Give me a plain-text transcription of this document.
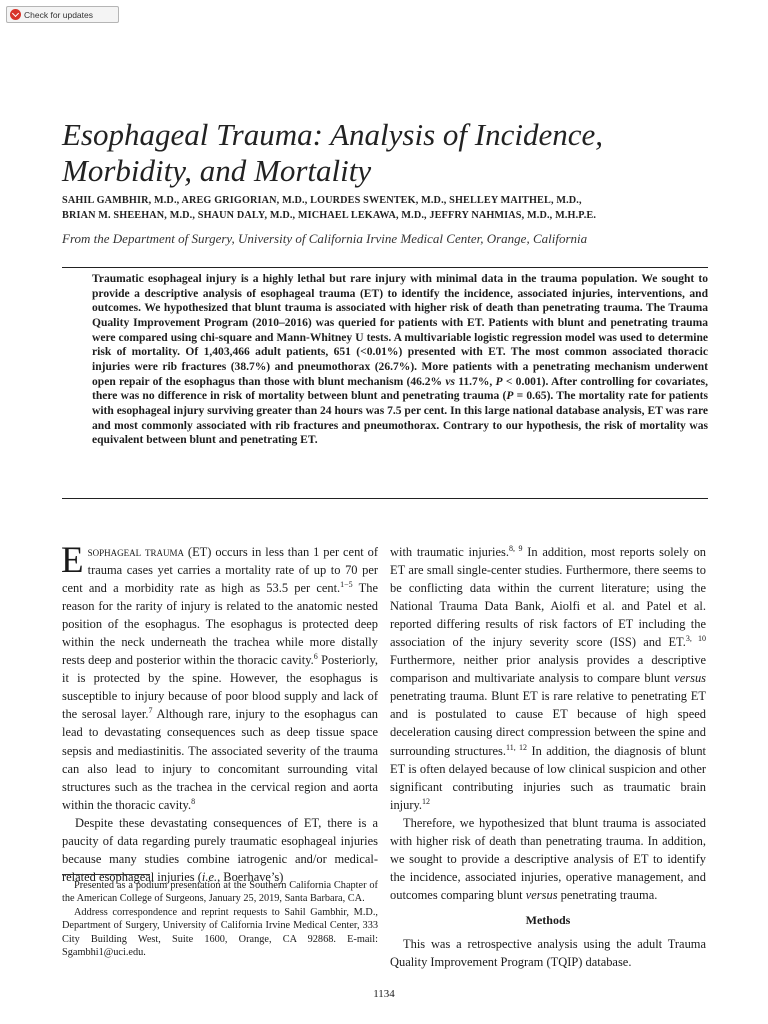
Check for updates
Esophageal Trauma: Analysis of Incidence,
Morbidity, and Mortality
SAHIL GAMBHIR, M.D., AREG GRIGORIAN, M.D., LOURDES SWENTEK, M.D., SHELLEY MAITHEL, M.D.,
BRIAN M. SHEEHAN, M.D., SHAUN DALY, M.D., MICHAEL LEKAWA, M.D., JEFFRY NAHMIAS, M.D., M.H.P.E.
From the Department of Surgery, University of California Irvine Medical Center, Orange, California

Traumatic esophageal injury is a highly lethal but rare injury with minimal data in the trauma population. We sought to provide a descriptive analysis of esophageal trauma (ET) to identify the incidence, associated injuries, interventions, and outcomes. We hypothesized that blunt trauma is associated with higher risk of death than penetrating trauma. The Trauma Quality Improvement Program (2010–2016) was queried for patients with ET. Patients with blunt and penetrating trauma were compared using chi-square and Mann-Whitney U tests. A multivariable logistic regression model was used to determine risk of mortality. Of 1,403,466 adult patients, 651 (<0.01%) presented with ET. The most common associated thoracic injuries were rib fractures (38.7%) and pneumothorax (26.7%). More patients with a penetrating mechanism underwent open repair of the esophagus than those with blunt mechanism (46.2% vs 11.7%, P < 0.001). After controlling for covariates, there was no difference in risk of mortality between blunt and penetrating trauma (P = 0.65). The mortality rate for patients with esophageal injury surviving greater than 24 hours was 7.5 per cent. In this large national database analysis, ET was rare and most commonly associated with rib fractures and pneumothorax. Contrary to our hypothesis, the risk of mortality was equivalent between blunt and penetrating ET.

Esophageal trauma (ET) occurs in less than 1 per cent of trauma cases yet carries a mortality rate of up to 70 per cent and a morbidity rate as high as 53.5 per cent.$^{1-5}$ The reason for the rarity of injury is related to the anatomic nested position of the esophagus. The esophagus is protected deep within the neck underneath the trachea while more distally rests deep and posterior within the thoracic cavity.$^6$ Posteriorly, it is protected by the spine. However, the esophagus is susceptible to injury because of poor blood supply and lack of the serosal layer.$^7$ Although rare, injury to the esophagus can lead to devastating consequences such as deep tissue space sepsis and mediastinitis. The associated severity of the trauma can also lead to injury to concomitant surrounding vital structures such as the trachea in the cervical region and aorta within the thoracic cavity.$^8$

Despite these devastating consequences of ET, there is a paucity of data regarding purely traumatic esophageal injuries because many studies combine iatrogenic and/or medical-related esophageal injuries (i.e., Boerhave’s)

Presented as a podium presentation at the Southern California Chapter of the American College of Surgeons, January 25, 2019, Santa Barbara, CA.

Address correspondence and reprint requests to Sahil Gambhir, M.D., Department of Surgery, University of California Irvine Medical Center, 333 City Building West, Suite 1600, Orange, CA 92868. E-mail: Sgambhi1@uci.edu.

with traumatic injuries.$^{8, 9}$ In addition, most reports solely on ET are small single-center studies. Furthermore, there seems to be conflicting data within the current literature; using the National Trauma Data Bank, Aiolfi et al. and Patel et al. reported differing results of risk factors of ET including the association of the injury severity score (ISS) and ET.$^{3, 10}$ Furthermore, neither prior analysis provides a descriptive comparison and multivariate analysis to compare blunt versus penetrating trauma. Blunt ET is rare relative to penetrating ET and is postulated to cause ET because of high speed deceleration causing direct compression between the spine and surrounding structures.$^{11, 12}$ In addition, the diagnosis of blunt ET is often delayed because of low clinical suspicion and other significant contributing injuries such as traumatic brain injury.$^{12}$

Therefore, we hypothesized that blunt trauma is associated with higher risk of death than penetrating trauma. In addition, we sought to provide a descriptive analysis of ET to identify the incidence, associated injuries, operative management, and outcomes comparing blunt versus penetrating trauma.

Methods
This was a retrospective analysis using the adult Trauma Quality Improvement Program (TQIP) database.
1134
